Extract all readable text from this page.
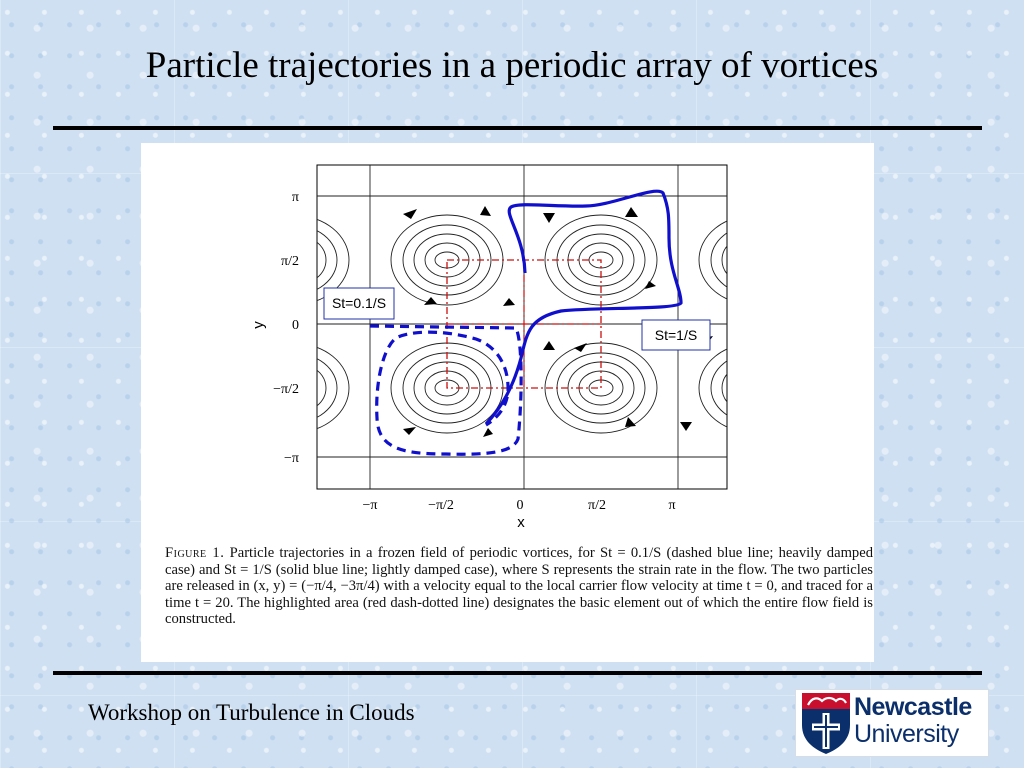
Particle trajectories in a periodic array of vortices
St=0.1/S
St=1/S
π
π/2
0
−π/2
−π
y
−π	−π/2	0	π/2	π
x
Figure 1. Particle trajectories in a frozen field of periodic vortices, for St = 0.1/S (dashed blue line; heavily damped case) and St = 1/S (solid blue line; lightly damped case), where S represents the strain rate in the flow. The two particles are released in (x, y) = (−π/4, −3π/4) with a velocity equal to the local carrier flow velocity at time t = 0, and traced for a time t = 20. The highlighted area (red dash-dotted line) designates the basic element out of which the entire flow field is constructed.
Workshop on Turbulence in Clouds	Newcastle
University
